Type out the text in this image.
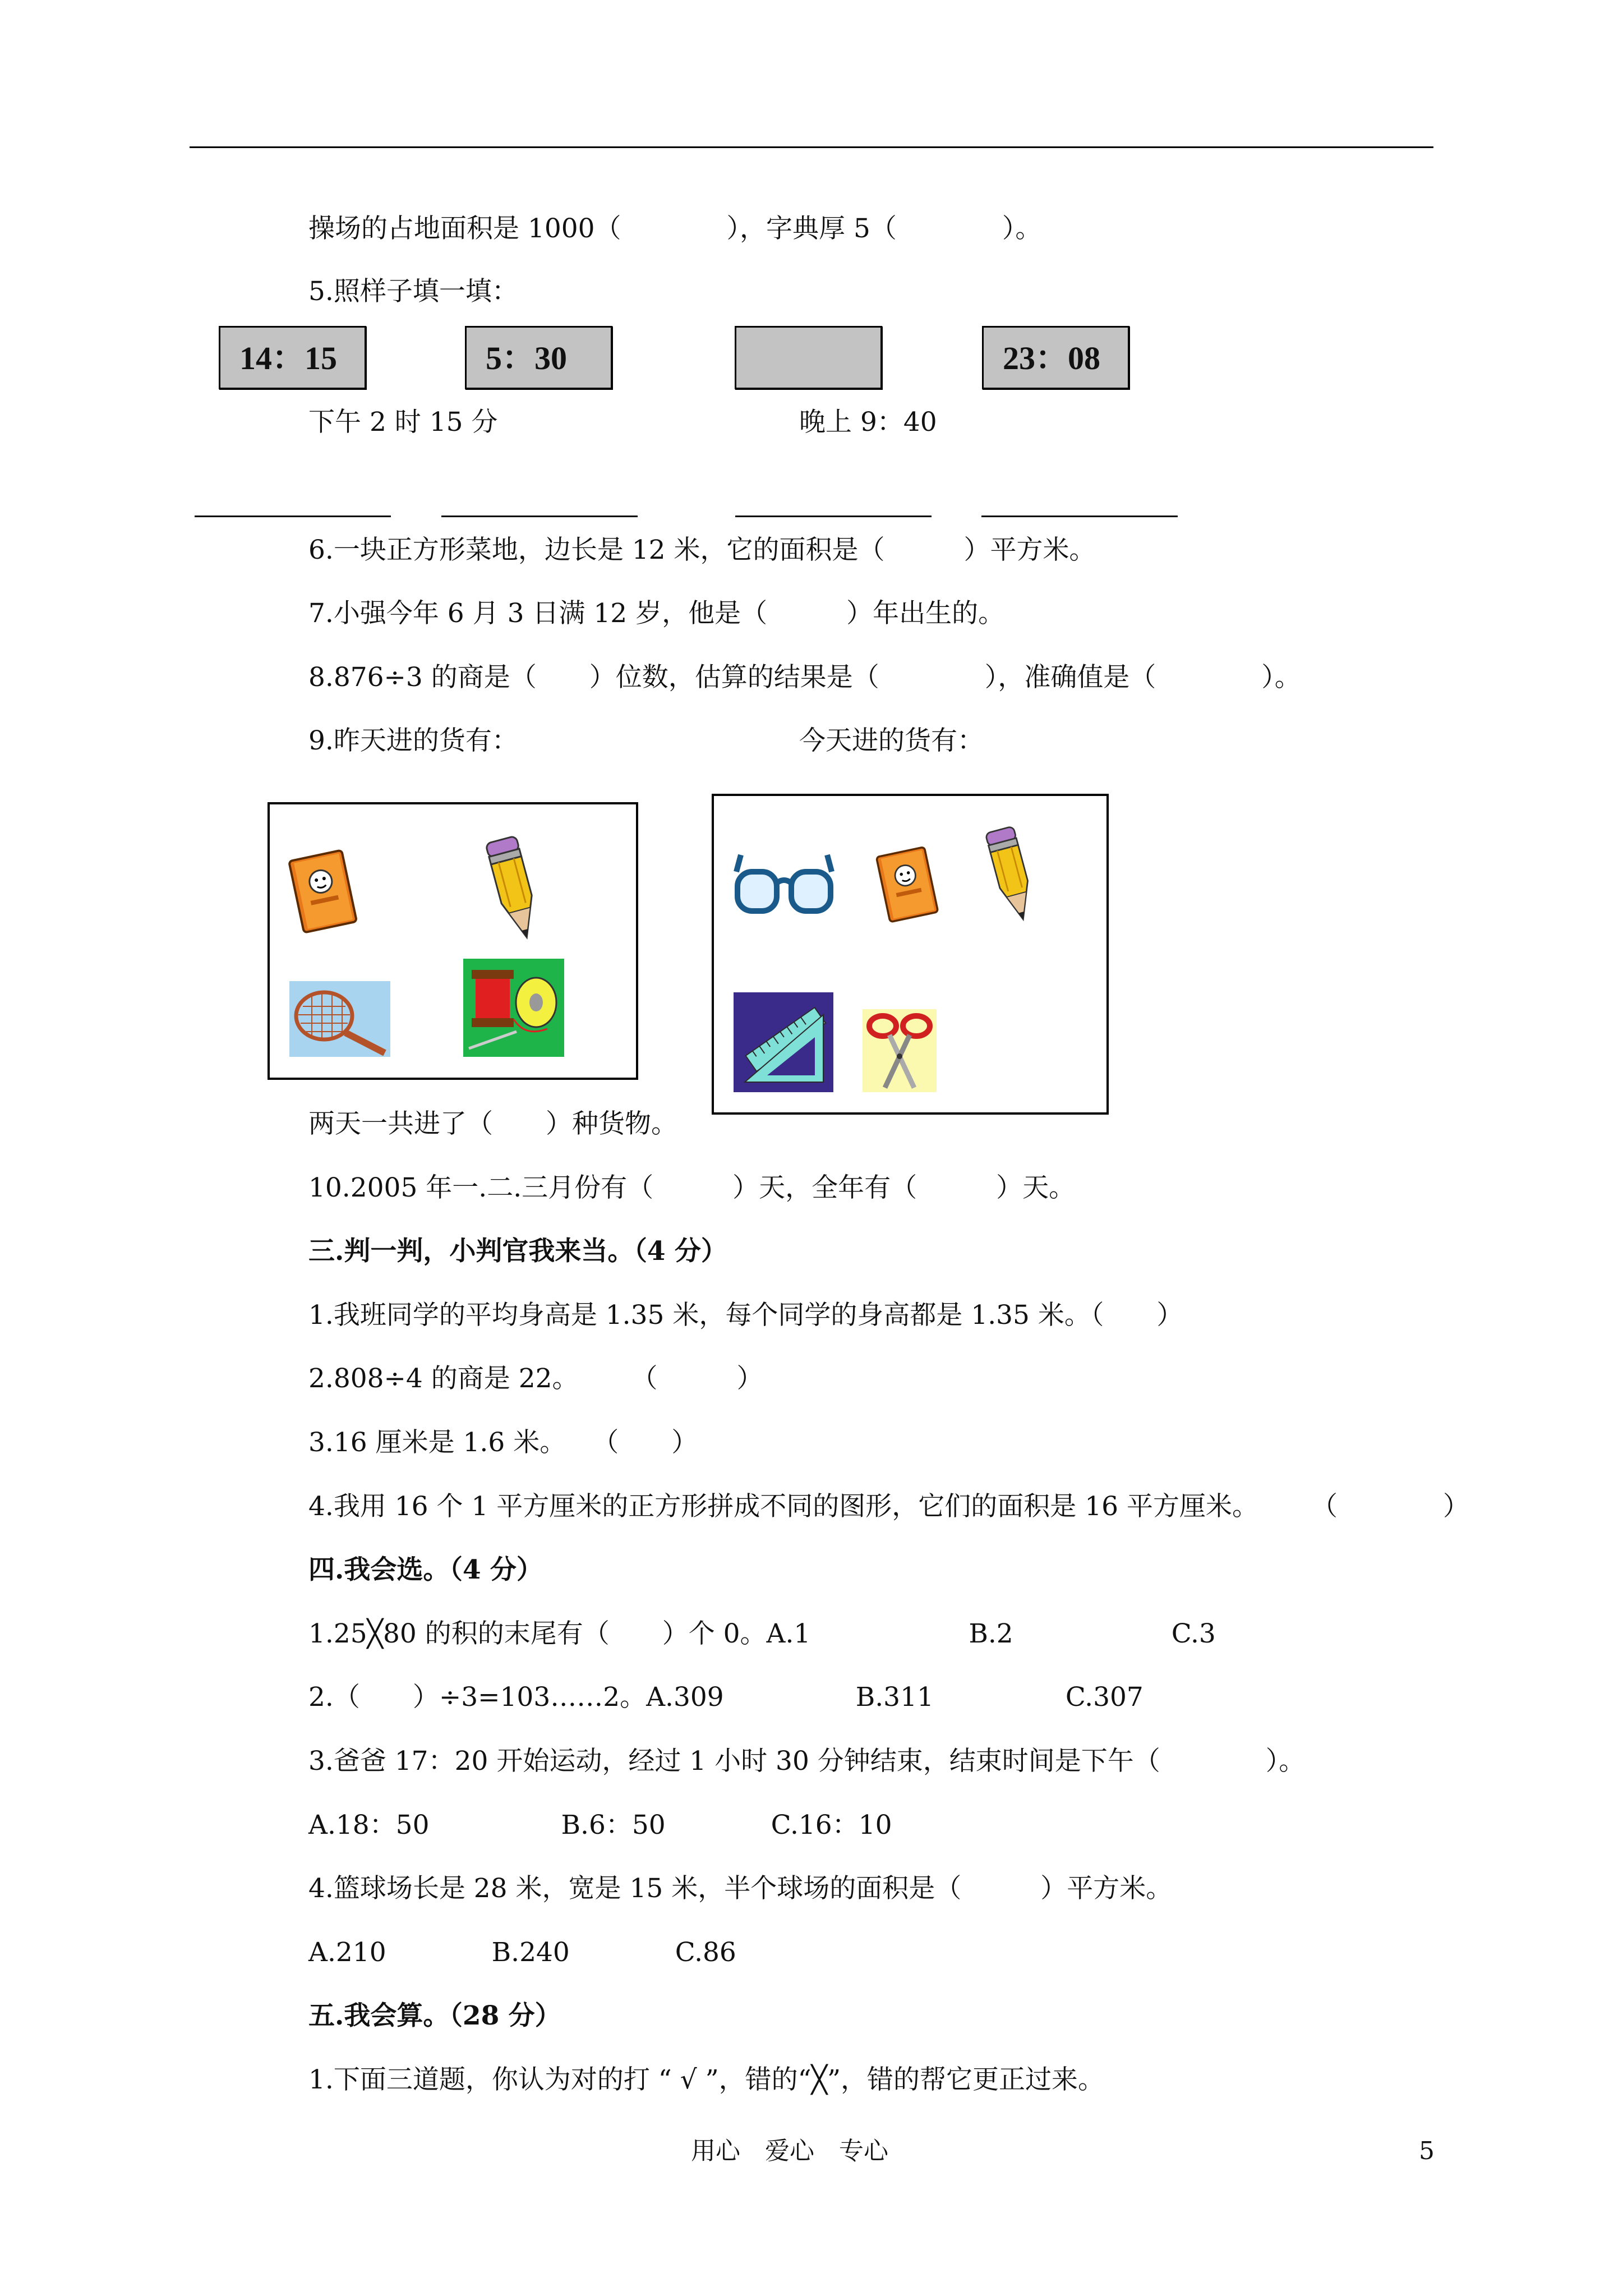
操场的占地面积是 1000（　　　　），字典厚 5（　　　　）。
5.照样子填一填：
14：15	5：30	23：08
下午 2 时 15 分	晚上 9：40
6.一块正方形菜地，边长是 12 米，它的面积是（　　　）平方米。
7.小强今年 6 月 3 日满 12 岁，他是（　　　）年出生的。
8.876÷3 的商是（　　）位数，估算的结果是（　　　　），准确值是（　　　　）。
9.昨天进的货有：	今天进的货有：
两天一共进了（　　）种货物。
10.2005 年一.二.三月份有（　　　）天，全年有（　　　）天。
三.判一判，小判官我来当。（4 分）
1.我班同学的平均身高是 1.35 米，每个同学的身高都是 1.35 米。（　　）
2.808÷4 的商是 22。　　　（　　　）
3.16 厘米是 1.6 米。　　（　　）
4.我用 16 个 1 平方厘米的正方形拼成不同的图形，它们的面积是 16 平方厘米。　　　（　　　　）
四.我会选。（4 分）
1.25╳80 的积的末尾有（　　）个 0。A.1　　　　　　B.2　　　　　　C.3
2.（　　）÷3=103……2。A.309　　　　　B.311　　　　　C.307
3.爸爸 17：20 开始运动，经过 1 小时 30 分钟结束，结束时间是下午（　　　　）。
A.18：50　　　　　B.6：50　　　　C.16：10
4.篮球场长是 28 米，宽是 15 米，半个球场的面积是（　　　）平方米。
A.210　　　　B.240　　　　C.86
五.我会算。（28 分）
1.下面三道题，你认为对的打 “ √ ”，错的“╳”，错的帮它更正过来。
用心　爱心　专心	5
